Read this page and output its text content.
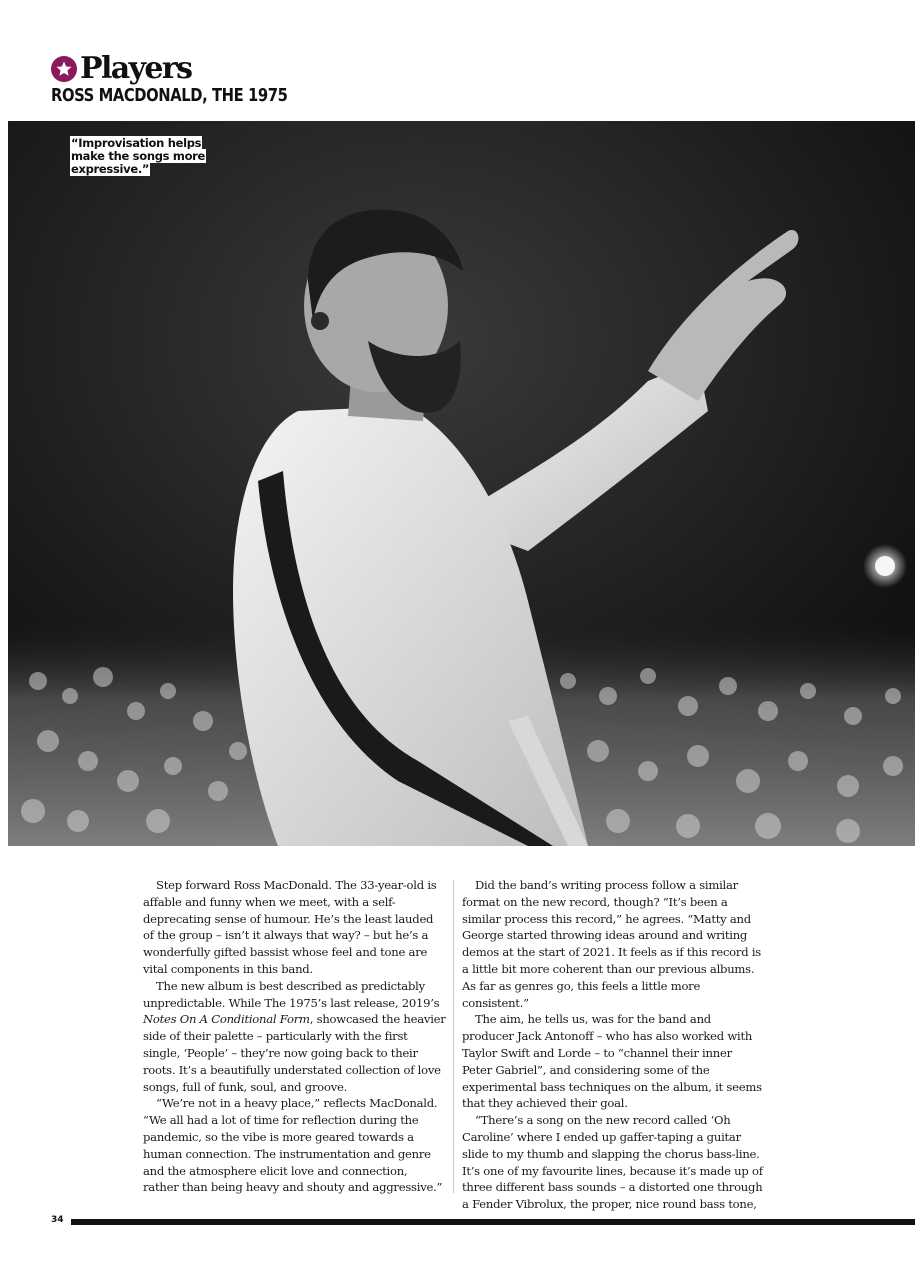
Players
ROSS MACDONALD, THE 1975
“Improvisation helps make the songs more expressive.”

Step forward Ross MacDonald. The 33-year-old is affable and funny when we meet, with a self-deprecating sense of humour. He’s the least lauded of the group – isn’t it always that way? – but he’s a wonderfully gifted bassist whose feel and tone are vital components in this band.

The new album is best described as predictably unpredictable. While The 1975’s last release, 2019’s Notes On A Conditional Form, showcased the heavier side of their palette – particularly with the first single, ‘People’ – they’re now going back to their roots. It’s a beautifully understated collection of love songs, full of funk, soul, and groove.

“We’re not in a heavy place,” reflects MacDonald. “We all had a lot of time for reflection during the pandemic, so the vibe is more geared towards a human connection. The instrumentation and genre and the atmosphere elicit love and connection, rather than being heavy and shouty and aggressive.”

Did the band’s writing process follow a similar format on the new record, though? “It’s been a similar process this record,” he agrees. “Matty and George started throwing ideas around and writing demos at the start of 2021. It feels as if this record is a little bit more coherent than our previous albums. As far as genres go, this feels a little more consistent.”

The aim, he tells us, was for the band and producer Jack Antonoff – who has also worked with Taylor Swift and Lorde – to “channel their inner Peter Gabriel”, and considering some of the experimental bass techniques on the album, it seems that they achieved their goal.

“There’s a song on the new record called ‘Oh Caroline’ where I ended up gaffer-taping a guitar slide to my thumb and slapping the chorus bass-line. It’s one of my favourite lines, because it’s made up of three different bass sounds – a distorted one through a Fender Vibrolux, the proper, nice round bass tone,

34
